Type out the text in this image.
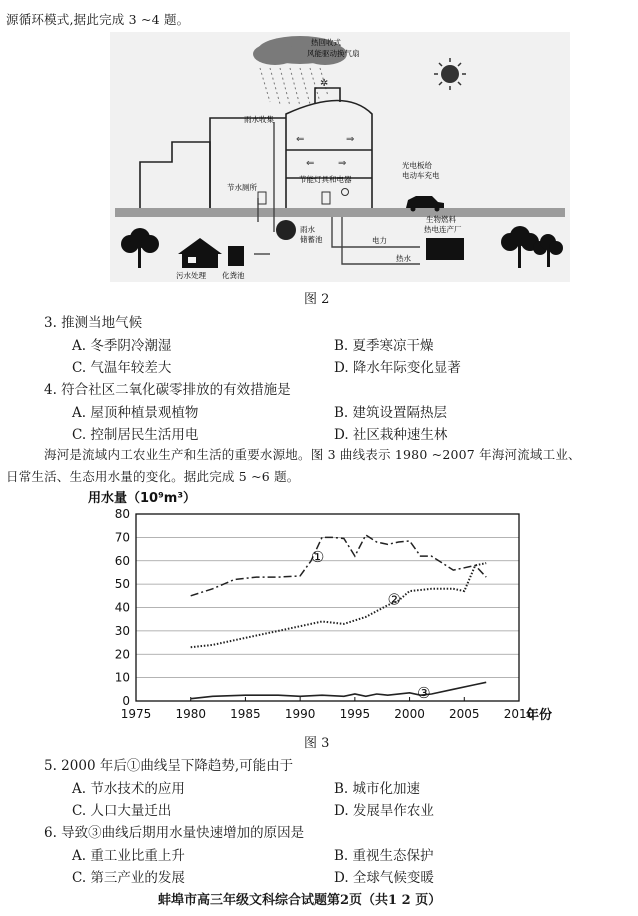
源循环模式,据此完成 3 ~4 题。
✲
热回收式
风能驱动换气扇
⇐	⇒
⇐ ⇒
雨水收集
节水厕所
节能灯具和电器
雨水
储蓄池
光电板给
电动车充电
电力
热水
生物燃料
热电连产厂
污水处理 化粪池
图 2
3. 推测当地气候
A. 冬季阴冷潮湿	B. 夏季寒凉干燥
C. 气温年较差大	D. 降水年际变化显著
4. 符合社区二氧化碳零排放的有效措施是
A. 屋顶种植景观植物	B. 建筑设置隔热层
C. 控制居民生活用电	D. 社区栽种速生林
海河是流域内工农业生产和生活的重要水源地。图 3 曲线表示 1980 ~2007 年海河流域工业、
日常生活、生态用水量的变化。据此完成 5 ~6 题。
0
10
20
30
40
50
60
70
80
1975 1980 1985 1990 1995 2000 2005 2010
用水量（10⁹m³）
年份
①
②
③
图 3
5. 2000 年后①曲线呈下降趋势,可能由于
A. 节水技术的应用	B. 城市化加速
C. 人口大量迁出	D. 发展旱作农业
6. 导致③曲线后期用水量快速增加的原因是
A. 重工业比重上升	B. 重视生态保护
C. 第三产业的发展	D. 全球气候变暖
蚌埠市高三年级文科综合试题第2页（共1 2 页）
